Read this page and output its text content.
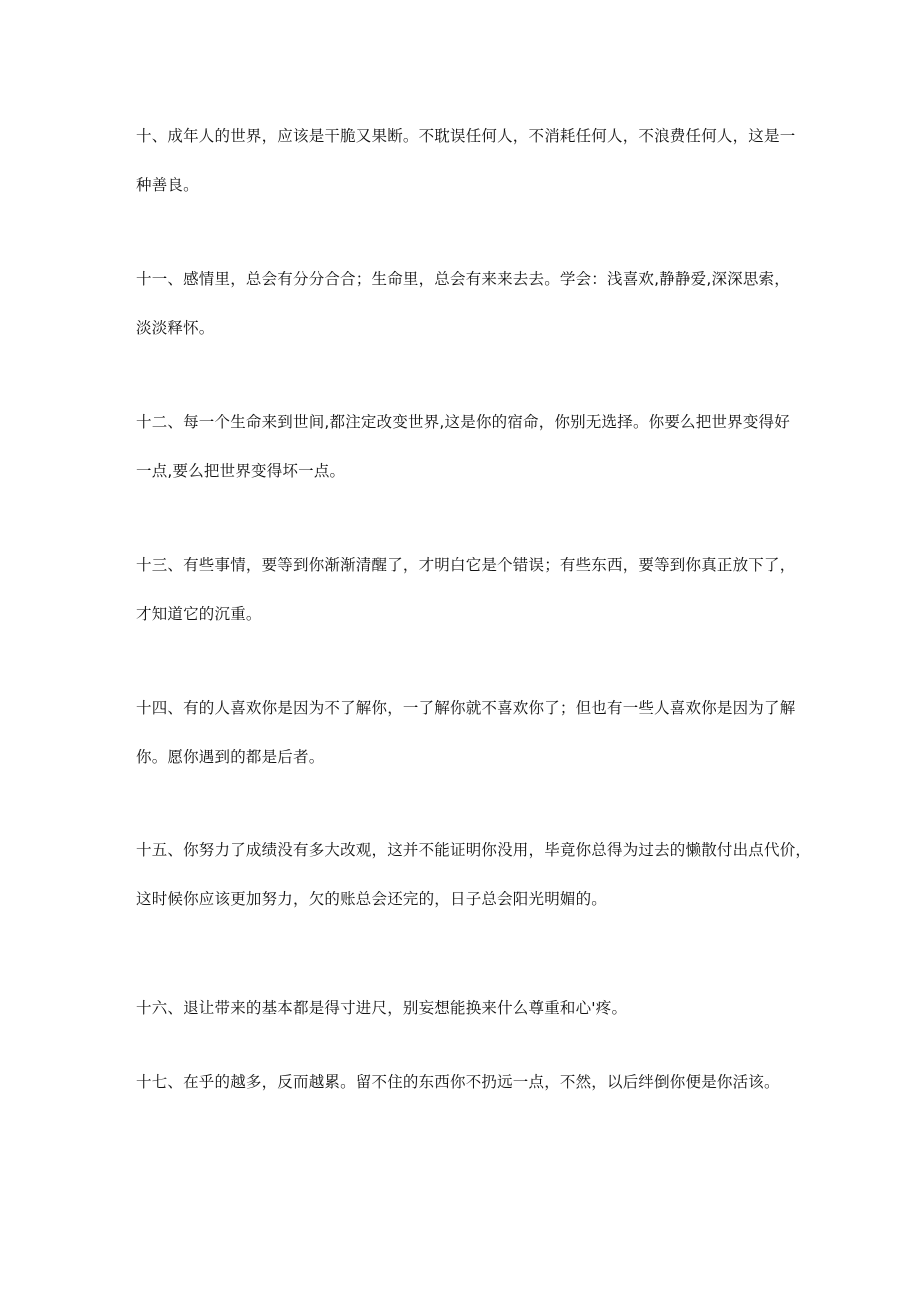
十、成年人的世界，应该是干脆又果断。不耽误任何人，不消耗任何人，不浪费任何人，这是一
种善良。
十一、感情里，总会有分分合合；生命里，总会有来来去去。学会：浅喜欢,静静爱,深深思索，
淡淡释怀。
十二、每一个生命来到世间,都注定改变世界,这是你的宿命，你别无选择。你要么把世界变得好
一点,要么把世界变得坏一点。
十三、有些事情，要等到你渐渐清醒了，才明白它是个错误；有些东西，要等到你真正放下了，
才知道它的沉重。
十四、有的人喜欢你是因为不了解你，一了解你就不喜欢你了；但也有一些人喜欢你是因为了解
你。愿你遇到的都是后者。
十五、你努力了成绩没有多大改观，这并不能证明你没用，毕竟你总得为过去的懒散付出点代价，
这时候你应该更加努力，欠的账总会还完的，日子总会阳光明媚的。
十六、退让带来的基本都是得寸进尺，别妄想能换来什么尊重和心'疼。
十七、在乎的越多，反而越累。留不住的东西你不扔远一点，不然，以后绊倒你便是你活该。
